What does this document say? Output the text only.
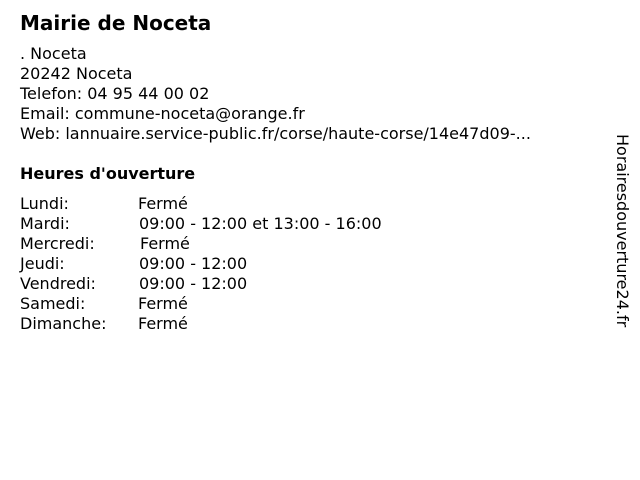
Mairie de Noceta
. Noceta
20242 Noceta
Telefon: 04 95 44 00 02
Email: commune-noceta@orange.fr
Web: lannuaire.service-public.fr/corse/haute-corse/14e47d09-...
Heures d'ouverture
Lundi:	Fermé
Mardi:	09:00 - 12:00 et 13:00 - 16:00
Mercredi:	Fermé
Jeudi:	09:00 - 12:00
Vendredi:	09:00 - 12:00
Samedi:	Fermé
Dimanche: Fermé	Horairesdouverture24.fr
